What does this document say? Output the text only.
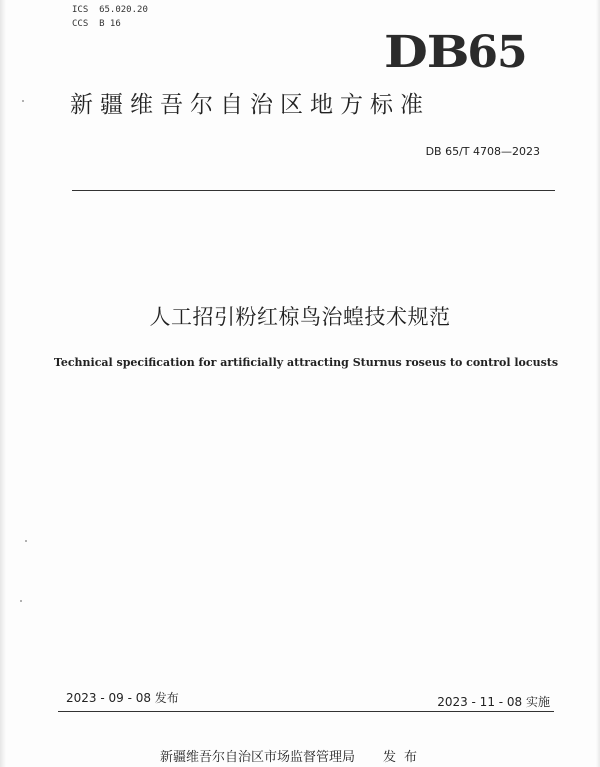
ICS  65.020.20
CCS  B 16
DB65
新疆维吾尔自治区地方标准
DB 65/T 4708—2023
人工招引粉红椋鸟治蝗技术规范
Technical specification for artificially attracting Sturnus roseus to control locusts
2023 - 09 - 08 发布	2023 - 11 - 08 实施
新疆维吾尔自治区市场监督管理局 发布
